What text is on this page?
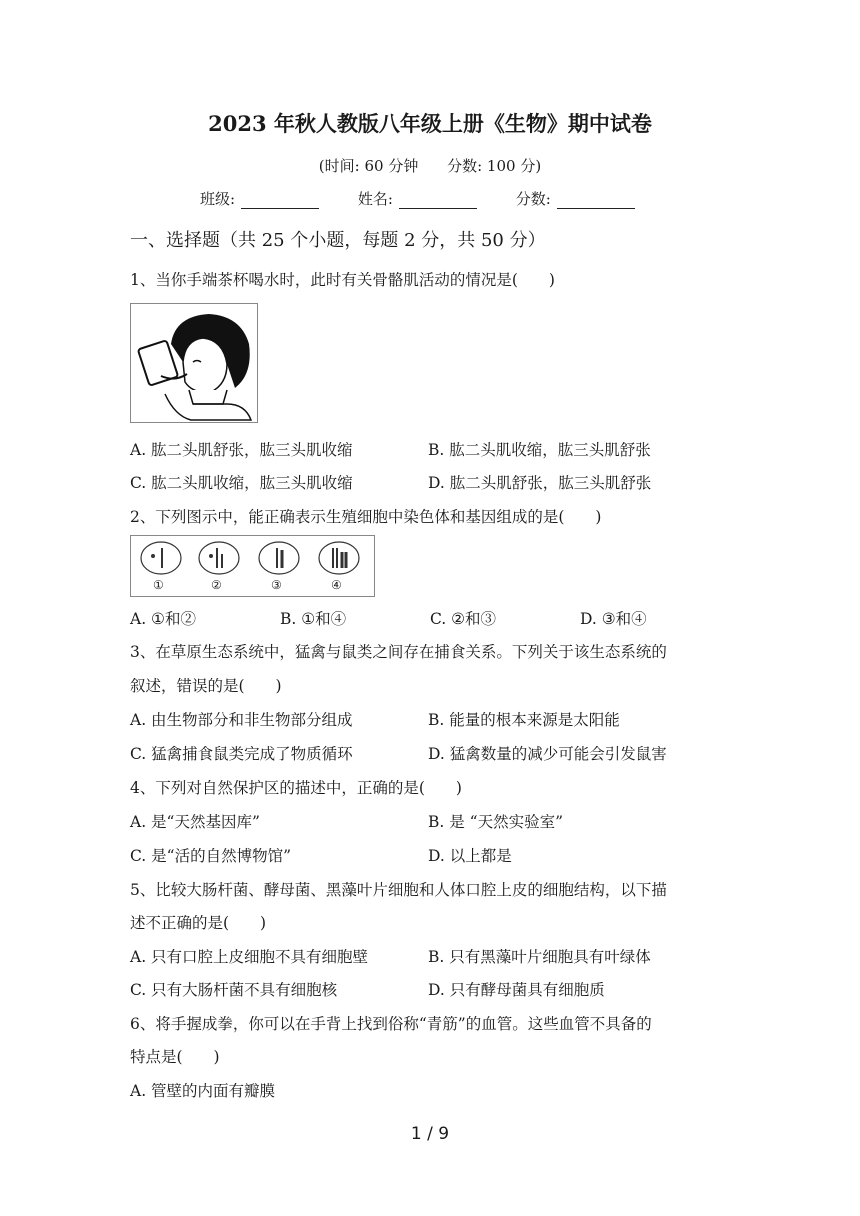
2023 年秋人教版八年级上册《生物》期中试卷
(时间: 60 分钟 分数: 100 分)
班级:	姓名:	分数:
一、选择题（共 25 个小题，每题 2 分，共 50 分）
1、当你手端茶杯喝水时，此时有关骨骼肌活动的情况是(　　)
A. 肱二头肌舒张，肱三头肌收缩	B. 肱二头肌收缩，肱三头肌舒张
C. 肱二头肌收缩，肱三头肌收缩	D. 肱二头肌舒张，肱三头肌舒张
2、下列图示中，能正确表示生殖细胞中染色体和基因组成的是(　　)
①	②	③	④
A. ①和②	B. ①和④	C. ②和③	D. ③和④
3、在草原生态系统中，猛禽与鼠类之间存在捕食关系。下列关于该生态系统的
叙述，错误的是(　　)
A. 由生物部分和非生物部分组成	B. 能量的根本来源是太阳能
C. 猛禽捕食鼠类完成了物质循环	D. 猛禽数量的减少可能会引发鼠害
4、下列对自然保护区的描述中，正确的是(　　)
A. 是“天然基因库”	B. 是 “天然实验室”
C. 是“活的自然博物馆”	D. 以上都是
5、比较大肠杆菌、酵母菌、黑藻叶片细胞和人体口腔上皮的细胞结构，以下描
述不正确的是(　　)
A. 只有口腔上皮细胞不具有细胞壁	B. 只有黑藻叶片细胞具有叶绿体
C. 只有大肠杆菌不具有细胞核	D. 只有酵母菌具有细胞质
6、将手握成拳，你可以在手背上找到俗称“青筋”的血管。这些血管不具备的
特点是(　　)
A. 管壁的内面有瓣膜
1 / 9
